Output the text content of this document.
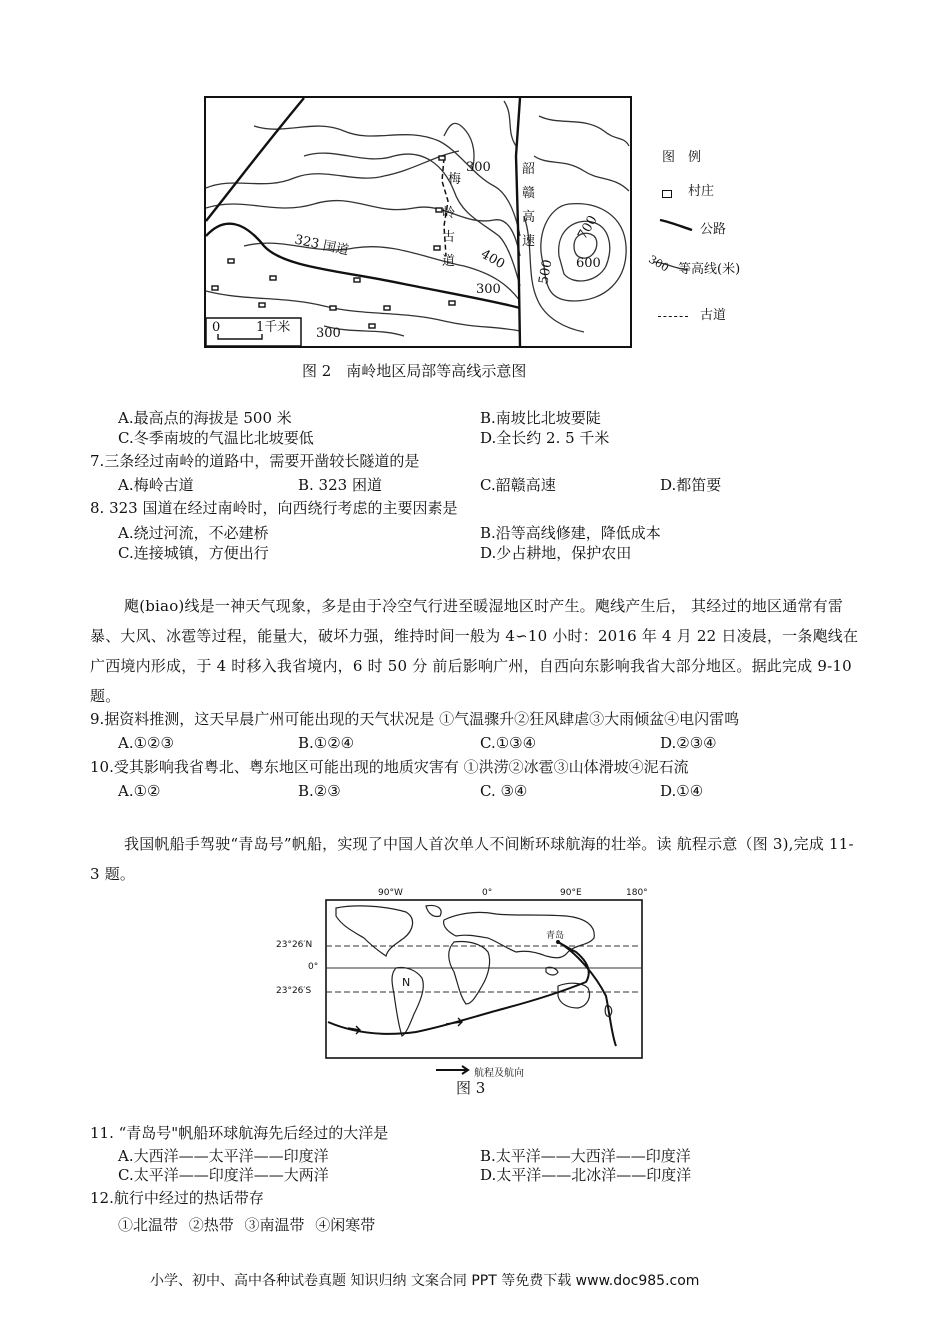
0	1千米
323 国道
韶
赣
高
速
梅
岭
古
道
300
400
300
300
500 600
700
图　例
村庄
公路
300 等高线(米)
古道
图 2　南岭地区局部等高线示意图
A.最高点的海拔是 500 米	B.南坡比北坡要陡
C.冬季南坡的气温比北坡要低	D.全长约 2. 5 千米
7.三条经过南岭的道路中，需要开凿较长隧道的是
A.梅岭古道	B. 323 困道	C.韶赣高速	D.都笛要
8. 323 国道在经过南岭时，向西绕行考虑的主要因素是
A.绕过河流，不必建桥	B.沿等高线修建，降低成本
C.连接城镇，方便出行	D.少占耕地，保护农田
飑(biao)线是一神天气现象，多是由于冷空气行进至暖湿地区时产生。飑线产生后， 其经过的地区通常有雷暴、大风、冰雹等过程，能量大，破坏力强，维持时间一般为 4∽10 小时：2016 年 4 月 22 日凌晨，一条飑线在广西境内形成，于 4 时移入我省境内，6 时 50 分 前后影响广州，自西向东影响我省大部分地区。据此完成 9-10 题。
9.据资料推测，这天早晨广州可能出现的天气状况是 ①气温骤升②狂风肆虐③大雨倾盆④电闪雷鸣
A.①②③	B.①②④	C.①③④	D.②③④
10.受其影响我省粤北、粤东地区可能出现的地质灾害有 ①洪涝②冰雹③山体滑坡④泥石流
A.①②	B.②③	C. ③④	D.①④
我国帆船手驾驶“青岛号”帆船，实现了中国人首次单人不间断环球航海的壮举。读 航程示意（图 3),完成 11-3 题。
90°W	0°	90°E	180°
23°26′N
0°
23°26′S
青岛
N
航程及航向
图 3
11. “青岛号"帆船环球航海先后经过的大洋是
A.大西洋——太平洋——印度洋	B.太平洋——大西洋——印度洋
C.太平洋——印度洋——大两洋	D.太平洋——北冰洋——印度洋
12.航行中经过的热话带存
①北温带 ②热带 ③南温带 ④闲寒带
小学、初中、高中各种试卷真题 知识归纳 文案合同 PPT 等免费下载 www.doc985.com
